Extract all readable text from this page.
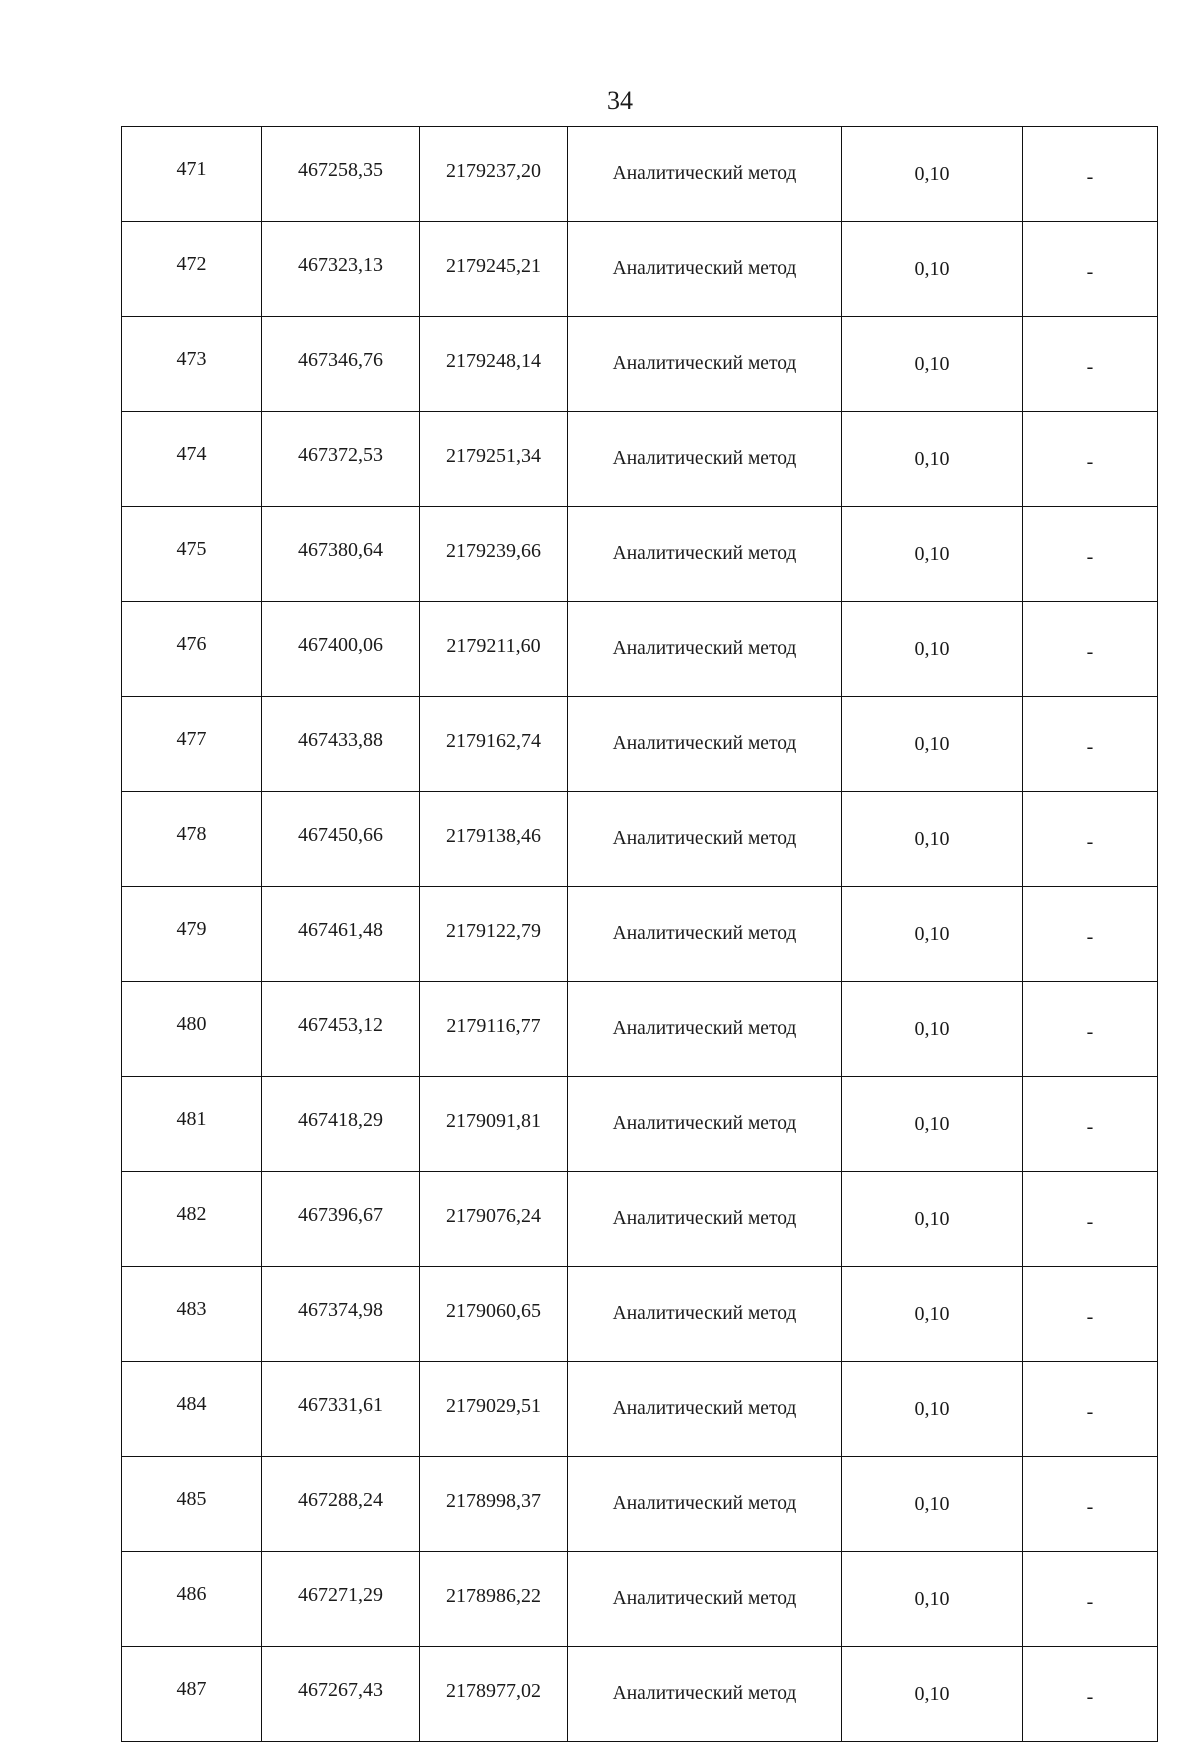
34
471	467258,35	2179237,20	Аналитический метод	0,10	-
472	467323,13	2179245,21	Аналитический метод	0,10	-
473	467346,76	2179248,14	Аналитический метод	0,10	-
474	467372,53	2179251,34	Аналитический метод	0,10	-
475	467380,64	2179239,66	Аналитический метод	0,10	-
476	467400,06	2179211,60	Аналитический метод	0,10	-
477	467433,88	2179162,74	Аналитический метод	0,10	-
478	467450,66	2179138,46	Аналитический метод	0,10	-
479	467461,48	2179122,79	Аналитический метод	0,10	-
480	467453,12	2179116,77	Аналитический метод	0,10	-
481	467418,29	2179091,81	Аналитический метод	0,10	-
482	467396,67	2179076,24	Аналитический метод	0,10	-
483	467374,98	2179060,65	Аналитический метод	0,10	-
484	467331,61	2179029,51	Аналитический метод	0,10	-
485	467288,24	2178998,37	Аналитический метод	0,10	-
486	467271,29	2178986,22	Аналитический метод	0,10	-
487	467267,43	2178977,02	Аналитический метод	0,10	-
